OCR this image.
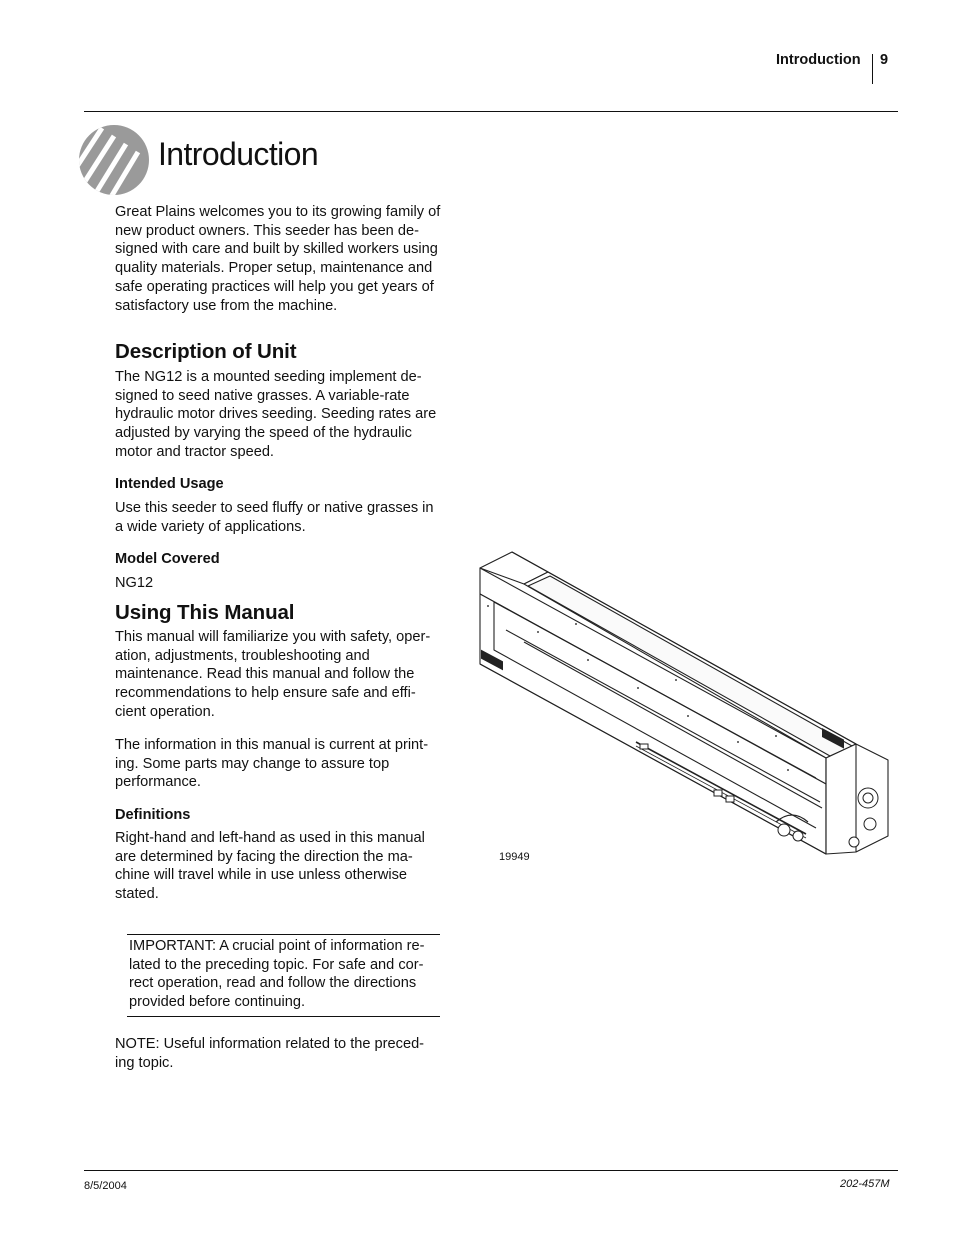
Introduction 9
Introduction
Great Plains welcomes you to its growing family of
new product owners. This seeder has been de-
signed with care and built by skilled workers using
quality materials. Proper setup, maintenance and
safe operating practices will help you get years of
satisfactory use from the machine.
Description of Unit
The NG12 is a mounted seeding implement de-
signed to seed native grasses. A variable-rate
hydraulic motor drives seeding. Seeding rates are
adjusted by varying the speed of the hydraulic
motor and tractor speed.
Intended Usage
Use this seeder to seed fluffy or native grasses in
a wide variety of applications.
Model Covered
NG12
Using This Manual
This manual will familiarize you with safety, oper-
ation, adjustments, troubleshooting and
maintenance. Read this manual and follow the
recommendations to help ensure safe and effi-
cient operation.
The information in this manual is current at print-
ing. Some parts may change to assure top
performance.
Definitions
Right-hand and left-hand as used in this manual
are determined by facing the direction the ma-
chine will travel while in use unless otherwise
stated.
IMPORTANT: A crucial point of information re-
lated to the preceding topic. For safe and cor-
rect operation, read and follow the directions
provided before continuing.
NOTE: Useful information related to the preced-
ing topic.
19949
8/5/2004	202-457M
